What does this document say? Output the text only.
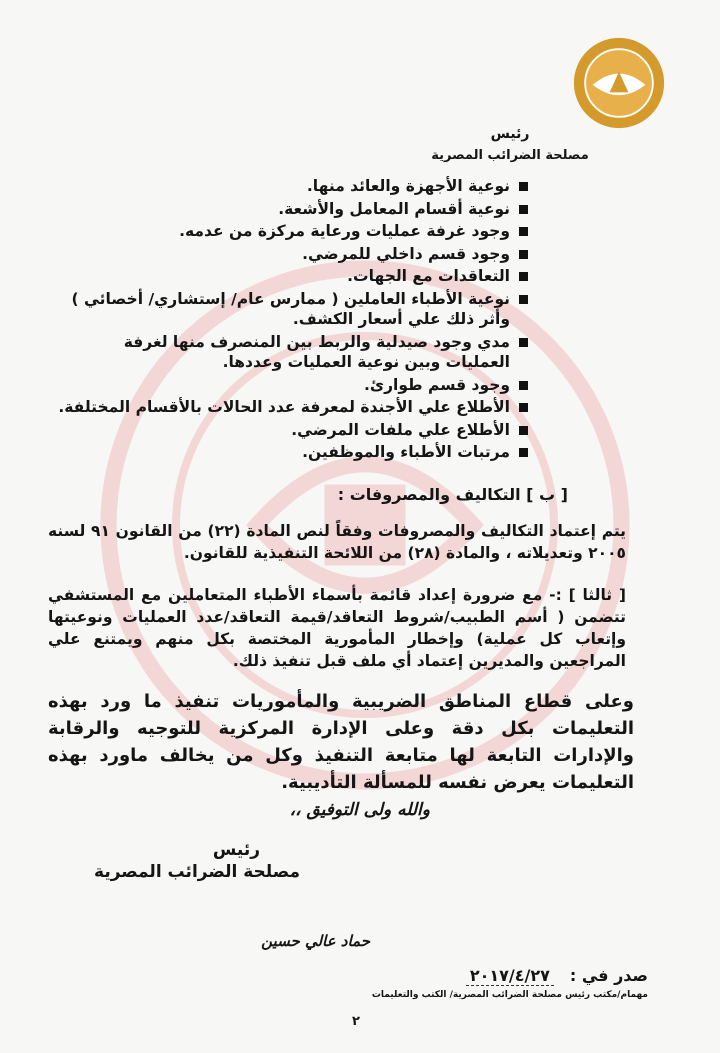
رئيس
مصلحة الضرائب المصرية
نوعية الأجهزة والعائد منها.
نوعية أقسام المعامل والأشعة.
وجود غرفة عمليات ورعاية مركزة من عدمه.
وجود قسم داخلي للمرضي.
التعاقدات مع الجهات.
نوعية الأطباء العاملين ( ممارس عام/ إستشاري/ أخصائي ) وأثر ذلك علي أسعار الكشف.
مدي وجود صيدلية والربط بين المنصرف منها لغرفة العمليات وبين نوعية العمليات وعددها.
وجود قسم طوارئ.
الأطلاع علي الأجندة لمعرفة عدد الحالات بالأقسام المختلفة.
الأطلاع علي ملفات المرضي.
مرتبات الأطباء والموظفين.
[ ب ] التكاليف والمصروفات :
يتم إعتماد التكاليف والمصروفات وفقاً لنص المادة (٢٢) من القانون ٩١ لسنه ٢٠٠٥ وتعديلاته ، والمادة (٢٨) من اللائحة التنفيذية للقانون.
[ ثالثا ] :- مع ضرورة إعداد قائمة بأسماء الأطباء المتعاملين مع المستشفي تتضمن ( أسم الطبيب/شروط التعاقد/قيمة التعاقد/عدد العمليات ونوعيتها وإتعاب كل عملية) وإخطار المأمورية المختصة بكل منهم ويمتنع علي المراجعين والمديرين إعتماد أي ملف قبل تنفيذ ذلك.
وعلى قطاع المناطق الضريبية والمأموريات تنفيذ ما ورد بهذه التعليمات بكل دقة وعلى الإدارة المركزية للتوجيه والرقابة والإدارات التابعة لها متابعة التنفيذ وكل من يخالف ماورد بهذه التعليمات يعرض نفسه للمسألة التأديبية.
والله ولى التوفيق ،،
رئيس
مصلحة الضرائب المصرية
حماد عالي حسين
صدر في :٢٠١٧/٤/٢٧
مهمام/مكتب رئيس مصلحة الضرائب المصرية/ الكتب والتعليمات
٢
